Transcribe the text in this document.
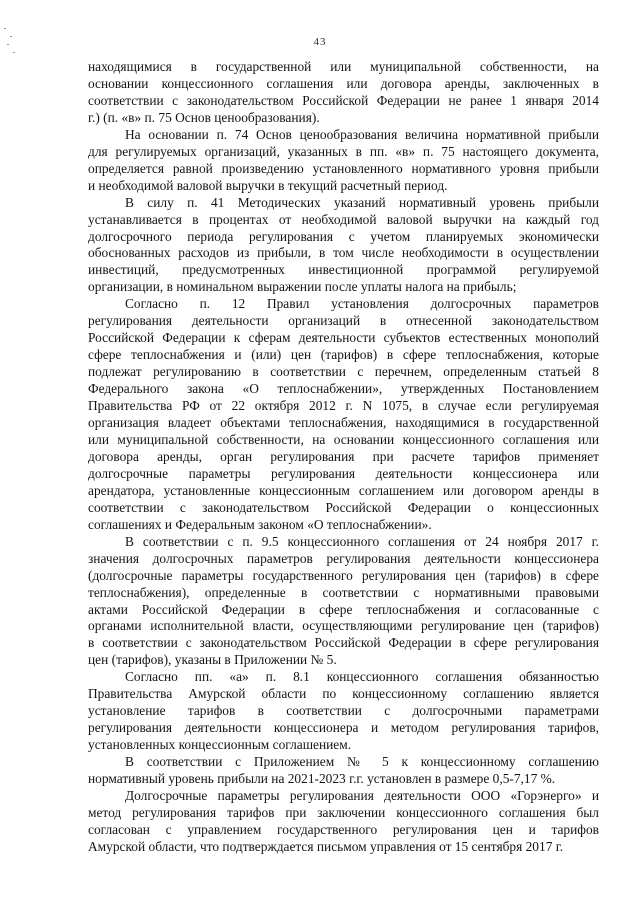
43
находящимися в государственной или муниципальной собственности, на
основании концессионного соглашения или договора аренды, заключенных в
соответствии с законодательством Российской Федерации не ранее 1 января 2014
г.) (п. «в» п. 75 Основ ценообразования).
На основании п. 74 Основ ценообразования величина нормативной прибыли
для регулируемых организаций, указанных в пп. «в» п. 75 настоящего документа,
определяется равной произведению установленного нормативного уровня прибыли
и необходимой валовой выручки в текущий расчетный период.
В силу п. 41 Методических указаний нормативный уровень прибыли
устанавливается в процентах от необходимой валовой выручки на каждый год
долгосрочного периода регулирования с учетом планируемых экономически
обоснованных расходов из прибыли, в том числе необходимости в осуществлении
инвестиций, предусмотренных инвестиционной программой регулируемой
организации, в номинальном выражении после уплаты налога на прибыль;
Согласно п. 12 Правил установления долгосрочных параметров
регулирования деятельности организаций в отнесенной законодательством
Российской Федерации к сферам деятельности субъектов естественных монополий
сфере теплоснабжения и (или) цен (тарифов) в сфере теплоснабжения, которые
подлежат регулированию в соответствии с перечнем, определенным статьей 8
Федерального закона «О теплоснабжении», утвержденных Постановлением
Правительства РФ от 22 октября 2012 г. N 1075, в случае если регулируемая
организация владеет объектами теплоснабжения, находящимися в государственной
или муниципальной собственности, на основании концессионного соглашения или
договора аренды, орган регулирования при расчете тарифов применяет
долгосрочные параметры регулирования деятельности концессионера или
арендатора, установленные концессионным соглашением или договором аренды в
соответствии с законодательством Российской Федерации о концессионных
соглашениях и Федеральным законом «О теплоснабжении».
В соответствии с п. 9.5 концессионного соглашения от 24 ноября 2017 г.
значения долгосрочных параметров регулирования деятельности концессионера
(долгосрочные параметры государственного регулирования цен (тарифов) в сфере
теплоснабжения), определенные в соответствии с нормативными правовыми
актами Российской Федерации в сфере теплоснабжения и согласованные с
органами исполнительной власти, осуществляющими регулирование цен (тарифов)
в соответствии с законодательством Российской Федерации в сфере регулирования
цен (тарифов), указаны в Приложении № 5.
Согласно пп. «а» п. 8.1 концессионного соглашения обязанностью
Правительства Амурской области по концессионному соглашению является
установление тарифов в соответствии с долгосрочными параметрами
регулирования деятельности концессионера и методом регулирования тарифов,
установленных концессионным соглашением.
В соответствии с Приложением № 5 к концессионному соглашению
нормативный уровень прибыли на 2021-2023 г.г. установлен в размере 0,5-7,17 %.
Долгосрочные параметры регулирования деятельности ООО «Горэнерго» и
метод регулирования тарифов при заключении концессионного соглашения был
согласован с управлением государственного регулирования цен и тарифов
Амурской области, что подтверждается письмом управления от 15 сентября 2017 г.
